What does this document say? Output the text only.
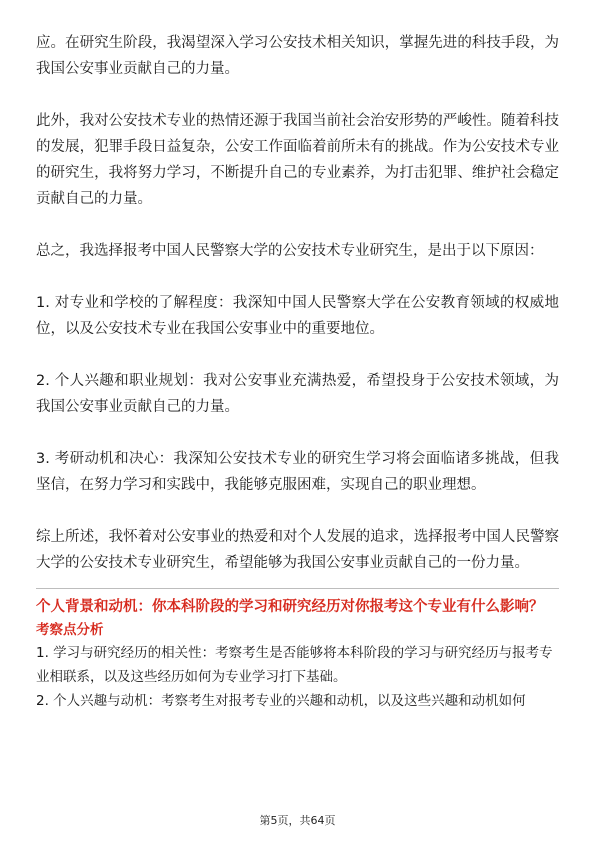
应。在研究生阶段，我渴望深入学习公安技术相关知识，掌握先进的科技手段，为我国公安事业贡献自己的力量。

此外，我对公安技术专业的热情还源于我国当前社会治安形势的严峻性。随着科技的发展，犯罪手段日益复杂，公安工作面临着前所未有的挑战。作为公安技术专业的研究生，我将努力学习，不断提升自己的专业素养，为打击犯罪、维护社会稳定贡献自己的力量。

总之，我选择报考中国人民警察大学的公安技术专业研究生，是出于以下原因：

1. 对专业和学校的了解程度：我深知中国人民警察大学在公安教育领域的权威地位，以及公安技术专业在我国公安事业中的重要地位。

2. 个人兴趣和职业规划：我对公安事业充满热爱，希望投身于公安技术领域，为我国公安事业贡献自己的力量。

3. 考研动机和决心：我深知公安技术专业的研究生学习将会面临诸多挑战，但我坚信，在努力学习和实践中，我能够克服困难，实现自己的职业理想。

综上所述，我怀着对公安事业的热爱和对个人发展的追求，选择报考中国人民警察大学的公安技术专业研究生，希望能够为我国公安事业贡献自己的一份力量。

个人背景和动机：你本科阶段的学习和研究经历对你报考这个专业有什么影响？

考察点分析

1. 学习与研究经历的相关性：考察考生是否能够将本科阶段的学习与研究经历与报考专业相联系，以及这些经历如何为专业学习打下基础。

2. 个人兴趣与动机：考察考生对报考专业的兴趣和动机，以及这些兴趣和动机如何

第5页，共64页
